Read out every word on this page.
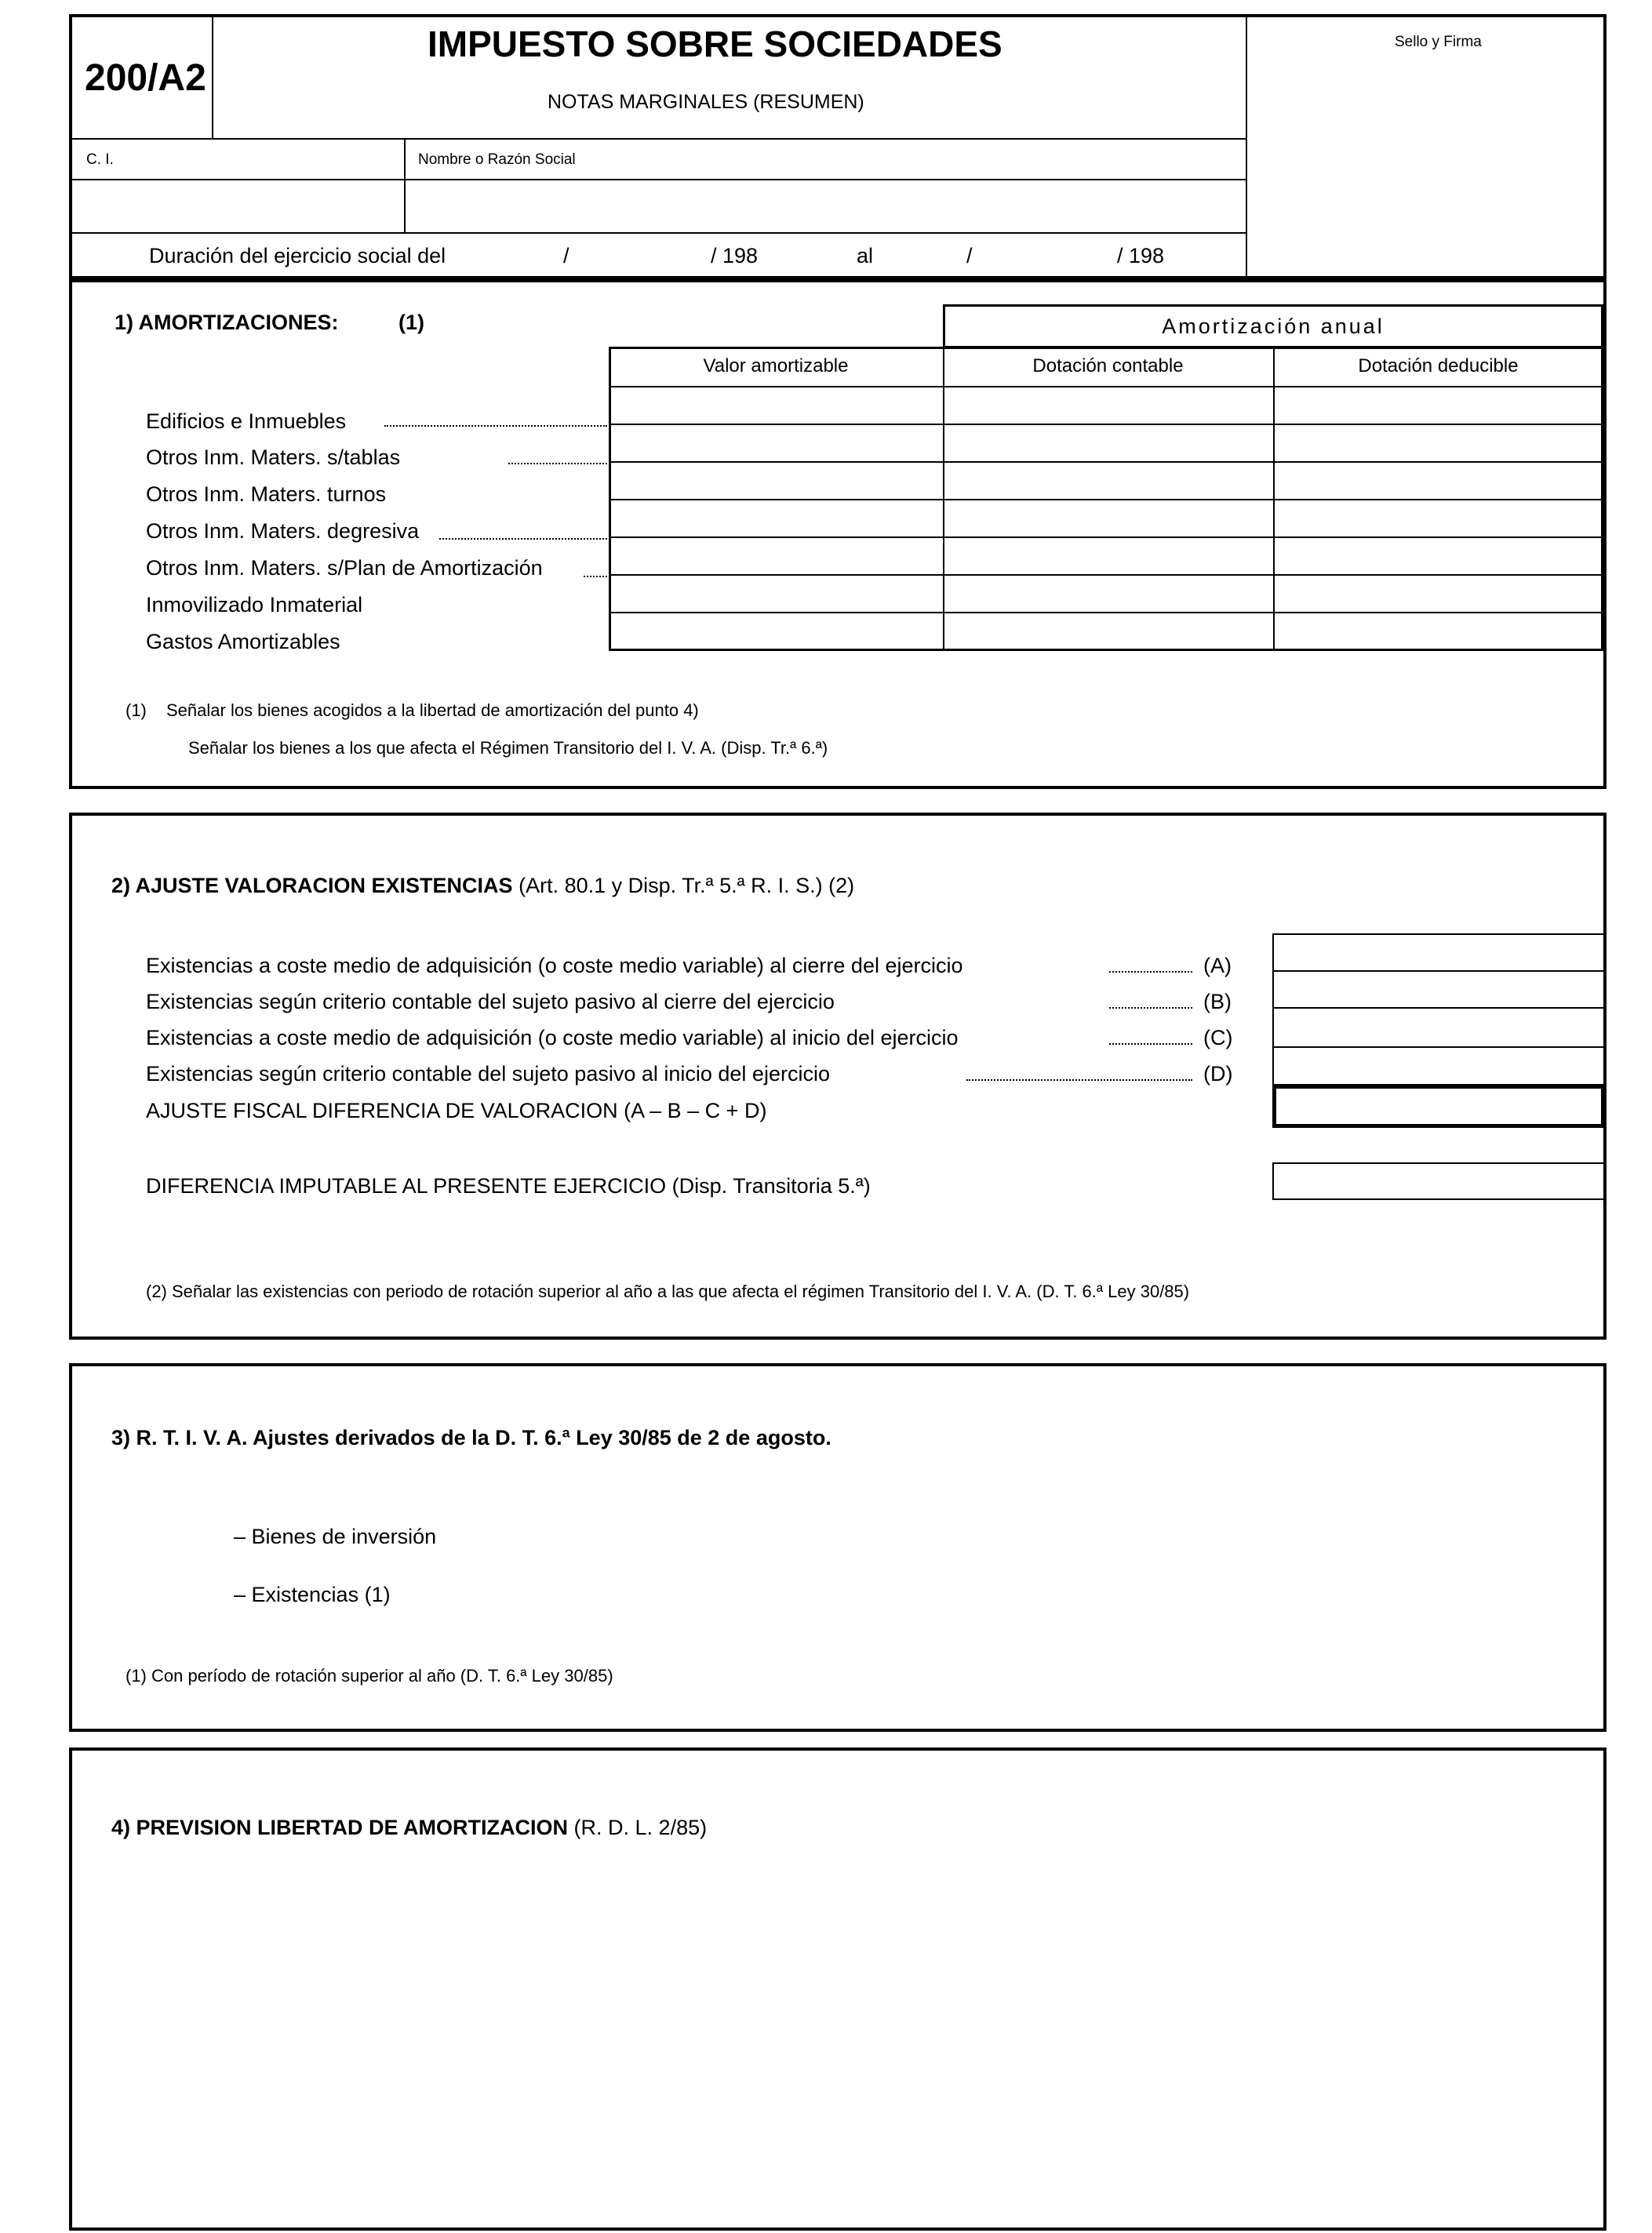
200/A2
IMPUESTO SOBRE SOCIEDADES
NOTAS MARGINALES (RESUMEN)
Sello y Firma
C. I.	Nombre o Razón Social
Duración del ejercicio social del	/	/ 198	al	/	/ 198
1) AMORTIZACIONES:	(1)	Amortización anual
Valor amortizable	Dotación contable	Dotación deducible
Edificios e Inmuebles
Otros Inm. Maters. s/tablas
Otros Inm. Maters. turnos
Otros Inm. Maters. degresiva
Otros Inm. Maters. s/Plan de Amortización
Inmovilizado Inmaterial
Gastos Amortizables
(1) Señalar los bienes acogidos a la libertad de amortización del punto 4)
Señalar los bienes a los que afecta el Régimen Transitorio del I. V. A. (Disp. Tr.ª 6.ª)
2) AJUSTE VALORACION EXISTENCIAS (Art. 80.1 y Disp. Tr.ª 5.ª R. I. S.) (2)
Existencias a coste medio de adquisición (o coste medio variable) al cierre del ejercicio	(A)
Existencias según criterio contable del sujeto pasivo al cierre del ejercicio	(B)
Existencias a coste medio de adquisición (o coste medio variable) al inicio del ejercicio	(C)
Existencias según criterio contable del sujeto pasivo al inicio del ejercicio	(D)
AJUSTE FISCAL DIFERENCIA DE VALORACION (A – B – C + D)
DIFERENCIA IMPUTABLE AL PRESENTE EJERCICIO (Disp. Transitoria 5.ª)
(2) Señalar las existencias con periodo de rotación superior al año a las que afecta el régimen Transitorio del I. V. A. (D. T. 6.ª Ley 30/85)
3) R. T. I. V. A. Ajustes derivados de la D. T. 6.ª Ley 30/85 de 2 de agosto.
– Bienes de inversión
– Existencias (1)
(1) Con período de rotación superior al año (D. T. 6.ª Ley 30/85)
4) PREVISION LIBERTAD DE AMORTIZACION (R. D. L. 2/85)
